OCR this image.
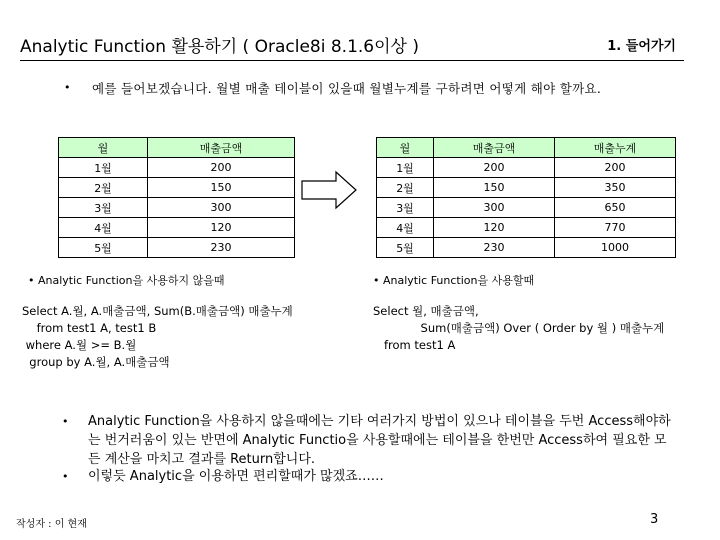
Analytic Function 활용하기 ( Oracle8i 8.1.6이상 )	1. 들어가기
• 예를 들어보겠습니다. 월별 매출 테이블이 있을때 월별누계를 구하려면 어떻게 해야 할까요.
월	매출금액
1월	200
2월	150
3월	300
4월	120
5월	230
월	매출금액	매출누계
1월	200	200
2월	150	350
3월	300	650
4월	120	770
5월	230	1000
• Analytic Function을 사용하지 않을때	• Analytic Function을 사용할때
Select A.월, A.매출금액, Sum(B.매출금액) 매출누계
from test1 A, test1 B
where A.월 >= B.월
group by A.월, A.매출금액
Select 월, 매출금액,
Sum(매출금액) Over ( Order by 월 ) 매출누계
from test1 A
• Analytic Function을 사용하지 않을때에는 기타 여러가지 방법이 있으나 테이블을 두번 Access해야하는 번거러움이 있는 반면에 Analytic Functio을 사용할때에는 테이블을 한번만 Access하여 필요한 모든 계산을 마치고 결과를 Return합니다.
• 이렇듯 Analytic을 이용하면 편리할때가 많겠죠……
작성자 : 이 현재	3
